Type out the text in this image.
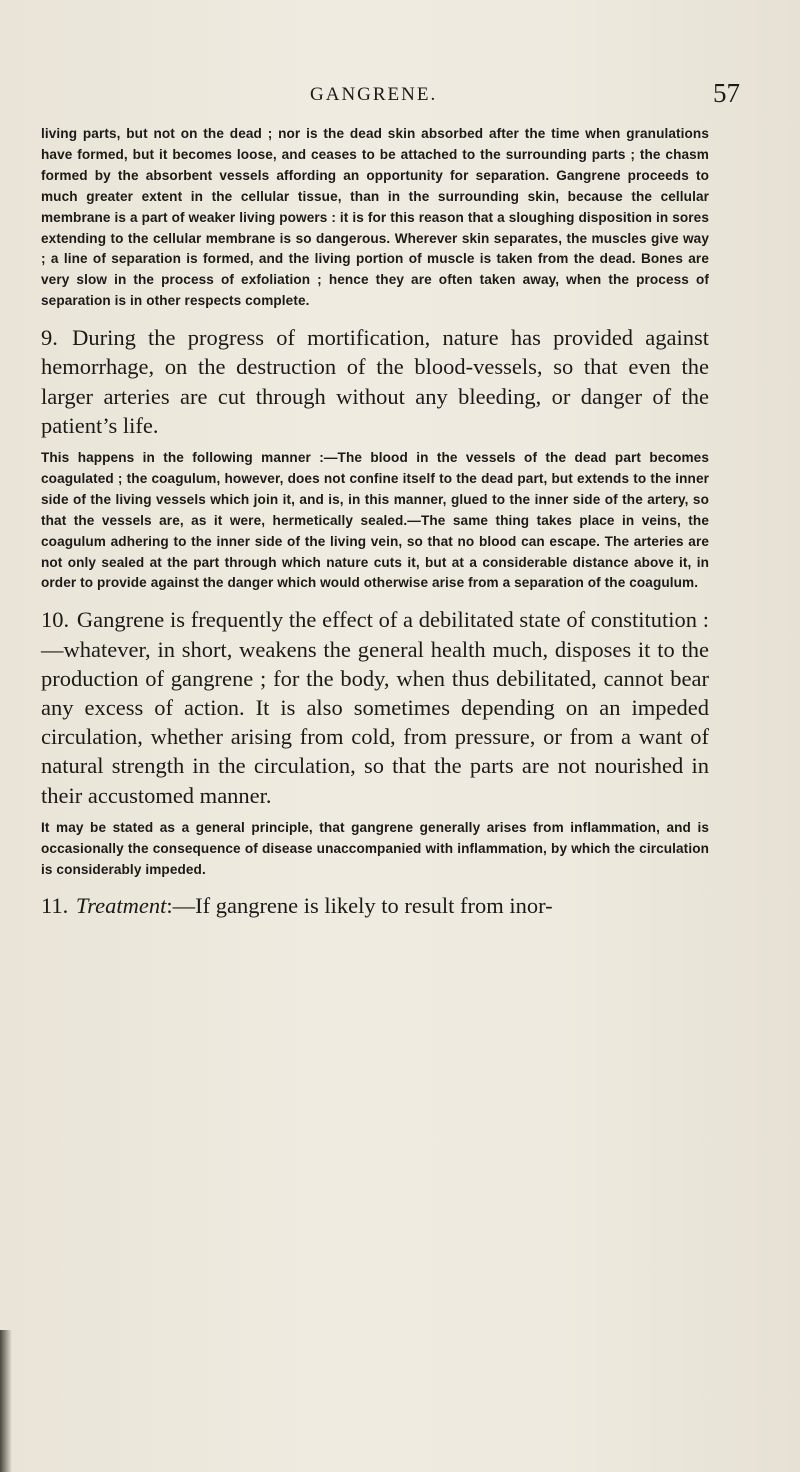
GANGRENE.	57

living parts, but not on the dead ; nor is the dead skin absorbed after the time when granulations have formed, but it becomes loose, and ceases to be attached to the surrounding parts ; the chasm formed by the absorbent vessels affording an opportunity for separation. Gangrene proceeds to much greater extent in the cellular tissue, than in the surrounding skin, because the cellular membrane is a part of weaker living powers : it is for this reason that a sloughing disposition in sores extending to the cellular membrane is so dangerous. Wherever skin separates, the muscles give way ; a line of separation is formed, and the living portion of muscle is taken from the dead. Bones are very slow in the process of exfoliation ; hence they are often taken away, when the process of separation is in other respects complete.

9. During the progress of mortification, nature has provided against hemorrhage, on the destruction of the blood-vessels, so that even the larger arteries are cut through without any bleeding, or danger of the patient’s life.

This happens in the following manner :—The blood in the vessels of the dead part becomes coagulated ; the coagulum, however, does not confine itself to the dead part, but extends to the inner side of the living vessels which join it, and is, in this manner, glued to the inner side of the artery, so that the vessels are, as it were, hermetically sealed.—The same thing takes place in veins, the coagulum adhering to the inner side of the living vein, so that no blood can escape. The arteries are not only sealed at the part through which nature cuts it, but at a considerable distance above it, in order to provide against the danger which would otherwise arise from a separation of the coagulum.

10. Gangrene is frequently the effect of a debilitated state of constitution :—whatever, in short, weakens the general health much, disposes it to the production of gangrene ; for the body, when thus debilitated, cannot bear any excess of action. It is also sometimes depending on an impeded circulation, whether arising from cold, from pressure, or from a want of natural strength in the circulation, so that the parts are not nourished in their accustomed manner.

It may be stated as a general principle, that gangrene generally arises from inflammation, and is occasionally the consequence of disease unaccompanied with inflammation, by which the circulation is considerably impeded.

11. Treatment:—If gangrene is likely to result from inor-
